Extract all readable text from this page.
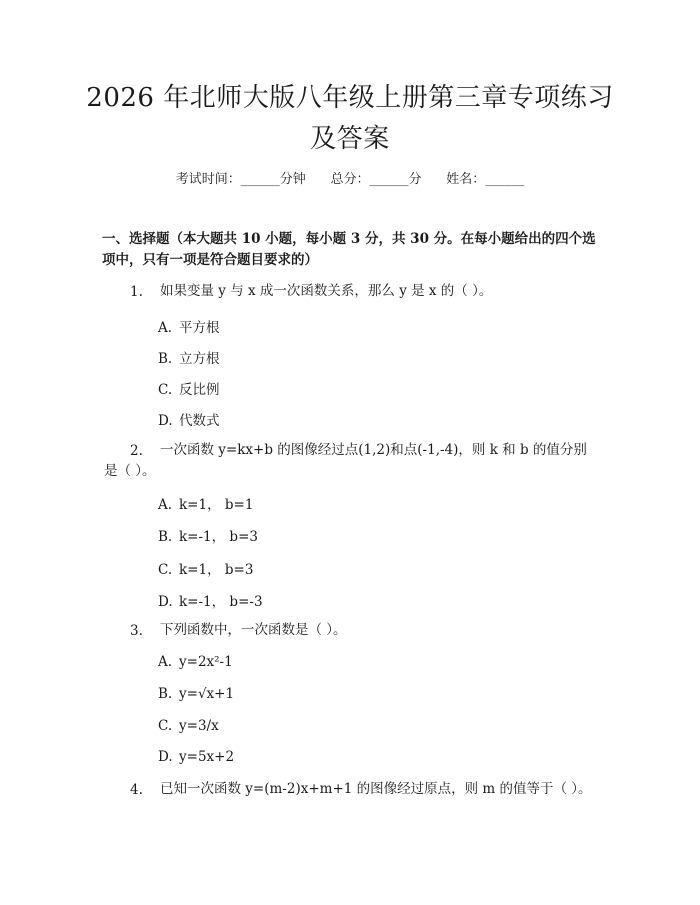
2026 年北师大版八年级上册第三章专项练习
及答案
考试时间：______分钟      总分：______分      姓名：______
一、选择题（本大题共 10 小题，每小题 3 分，共 30 分。在每小题给出的四个选项中，只有一项是符合题目要求的）
1. 如果变量 y 与 x 成一次函数关系，那么 y 是 x 的（ ）。
A. 平方根
B. 立方根
C. 反比例
D. 代数式
2.	一次函数 y=kx+b 的图像经过点(1,2)和点(-1,-4)，则 k 和 b 的值分别是（ ）。
A. k=1， b=1
B. k=-1， b=3
C. k=1， b=3
D. k=-1， b=-3
3. 下列函数中，一次函数是（ ）。
A. y=2x²-1
B. y=√x+1
C. y=3/x
D. y=5x+2
4. 已知一次函数 y=(m-2)x+m+1 的图像经过原点，则 m 的值等于（ ）。
